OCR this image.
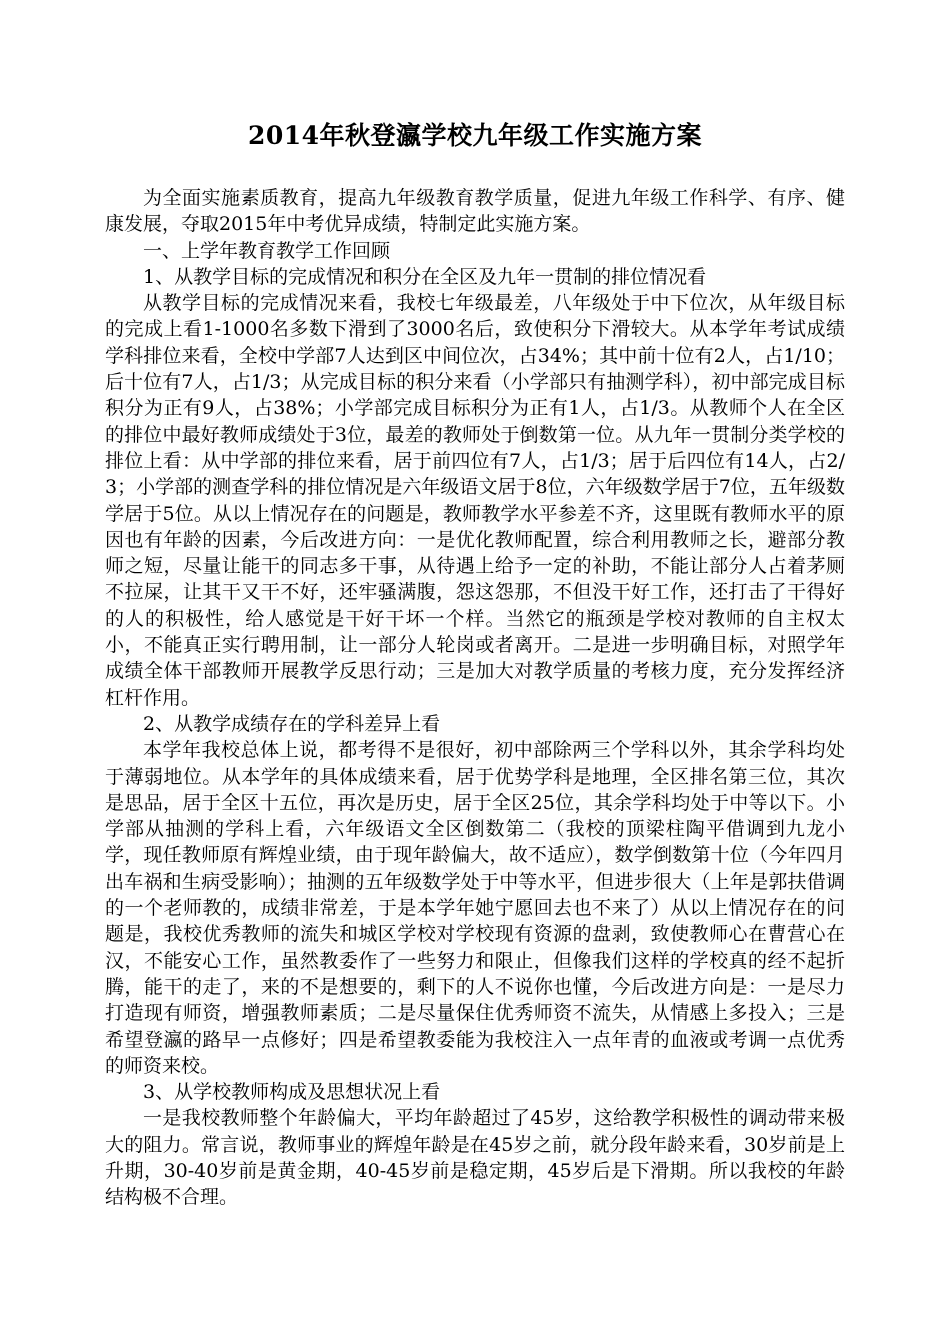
2014年秋登瀛学校九年级工作实施方案

为全面实施素质教育，提高九年级教育教学质量，促进九年级工作科学、有序、健康发展，夺取2015年中考优异成绩，特制定此实施方案。

一、上学年教育教学工作回顾

1、从教学目标的完成情况和积分在全区及九年一贯制的排位情况看

从教学目标的完成情况来看，我校七年级最差，八年级处于中下位次，从年级目标的完成上看1-1000名多数下滑到了3000名后，致使积分下滑较大。从本学年考试成绩学科排位来看，全校中学部7人达到区中间位次，占34%；其中前十位有2人，占1/10；后十位有7人，占1/3；从完成目标的积分来看（小学部只有抽测学科），初中部完成目标积分为正有9人，占38%；小学部完成目标积分为正有1人，占1/3。从教师个人在全区的排位中最好教师成绩处于3位，最差的教师处于倒数第一位。从九年一贯制分类学校的排位上看：从中学部的排位来看，居于前四位有7人，占1/3；居于后四位有14人，占2/3；小学部的测查学科的排位情况是六年级语文居于8位，六年级数学居于7位，五年级数学居于5位。从以上情况存在的问题是，教师教学水平参差不齐，这里既有教师水平的原因也有年龄的因素，今后改进方向：一是优化教师配置，综合利用教师之长，避部分教师之短，尽量让能干的同志多干事，从待遇上给予一定的补助，不能让部分人占着茅厕不拉屎，让其干又干不好，还牢骚满腹，怨这怨那，不但没干好工作，还打击了干得好的人的积极性，给人感觉是干好干坏一个样。当然它的瓶颈是学校对教师的自主权太小，不能真正实行聘用制，让一部分人轮岗或者离开。二是进一步明确目标，对照学年成绩全体干部教师开展教学反思行动；三是加大对教学质量的考核力度，充分发挥经济杠杆作用。

2、从教学成绩存在的学科差异上看

本学年我校总体上说，都考得不是很好，初中部除两三个学科以外，其余学科均处于薄弱地位。从本学年的具体成绩来看，居于优势学科是地理，全区排名第三位，其次是思品，居于全区十五位，再次是历史，居于全区25位，其余学科均处于中等以下。小学部从抽测的学科上看，六年级语文全区倒数第二（我校的顶梁柱陶平借调到九龙小学，现任教师原有辉煌业绩，由于现年龄偏大，故不适应），数学倒数第十位（今年四月出车祸和生病受影响）；抽测的五年级数学处于中等水平，但进步很大（上年是郭扶借调的一个老师教的，成绩非常差，于是本学年她宁愿回去也不来了）从以上情况存在的问题是，我校优秀教师的流失和城区学校对学校现有资源的盘剥，致使教师心在曹营心在汉，不能安心工作，虽然教委作了一些努力和限止，但像我们这样的学校真的经不起折腾，能干的走了，来的不是想要的，剩下的人不说你也懂，今后改进方向是：一是尽力打造现有师资，增强教师素质；二是尽量保住优秀师资不流失，从情感上多投入；三是希望登瀛的路早一点修好；四是希望教委能为我校注入一点年青的血液或考调一点优秀的师资来校。

3、从学校教师构成及思想状况上看

一是我校教师整个年龄偏大，平均年龄超过了45岁，这给教学积极性的调动带来极大的阻力。常言说，教师事业的辉煌年龄是在45岁之前，就分段年龄来看，30岁前是上升期，30-40岁前是黄金期，40-45岁前是稳定期，45岁后是下滑期。所以我校的年龄结构极不合理。
